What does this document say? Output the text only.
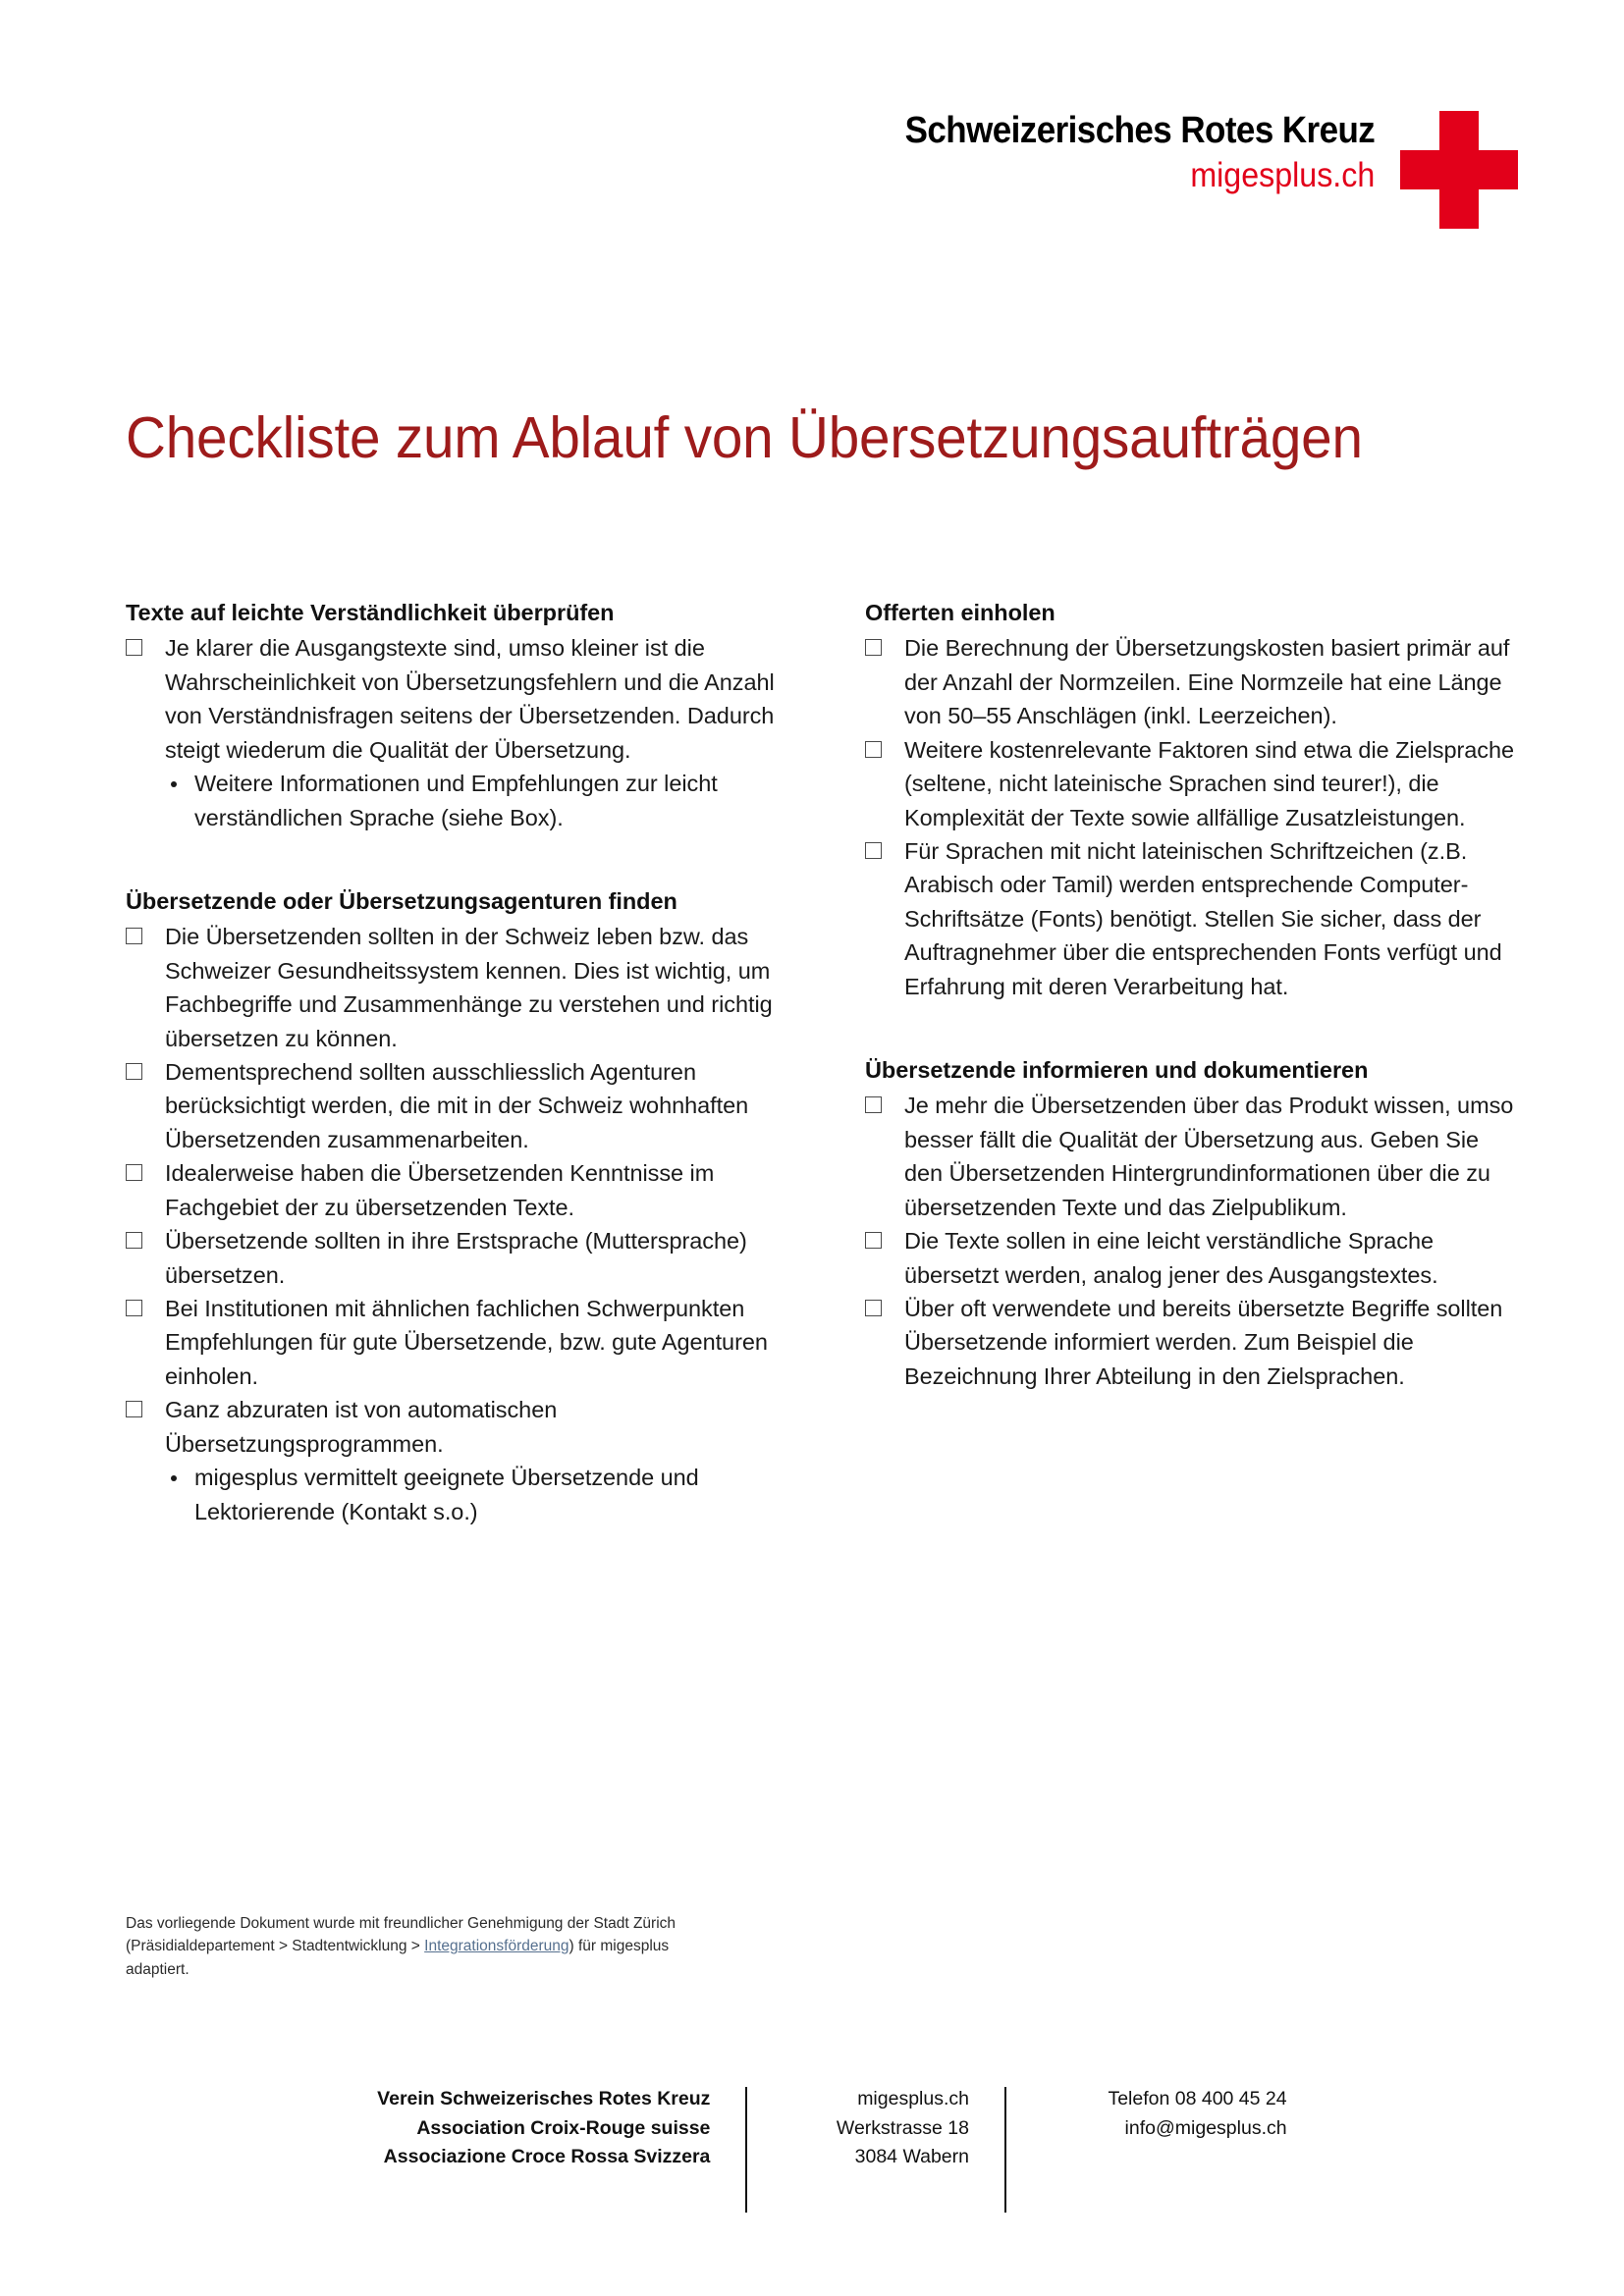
Schweizerisches Rotes Kreuz
migesplus.ch
Checkliste zum Ablauf von Übersetzungsaufträgen
Texte auf leichte Verständlichkeit überprüfen
Je klarer die Ausgangstexte sind, umso kleiner ist die Wahrscheinlichkeit von Übersetzungsfehlern und die Anzahl von Verständnisfragen seitens der Übersetzenden. Dadurch steigt wiederum die Qualität der Übersetzung.
Weitere Informationen und Empfehlungen zur leicht verständlichen Sprache (siehe Box).
Übersetzende oder Übersetzungsagenturen finden
Die Übersetzenden sollten in der Schweiz leben bzw. das Schweizer Gesundheitssystem kennen. Dies ist wichtig, um Fachbegriffe und Zusammenhänge zu verstehen und richtig übersetzen zu können.
Dementsprechend sollten ausschliesslich Agenturen berücksichtigt werden, die mit in der Schweiz wohnhaften Übersetzenden zusammenarbeiten.
Idealerweise haben die Übersetzenden Kenntnisse im Fachgebiet der zu übersetzenden Texte.
Übersetzende sollten in ihre Erstsprache (Muttersprache) übersetzen.
Bei Institutionen mit ähnlichen fachlichen Schwerpunkten Empfehlungen für gute Übersetzende, bzw. gute Agenturen einholen.
Ganz abzuraten ist von automatischen Übersetzungsprogrammen.
migesplus vermittelt geeignete Übersetzende und Lektorierende (Kontakt s.o.)
Offerten einholen
Die Berechnung der Übersetzungskosten basiert primär auf der Anzahl der Normzeilen. Eine Normzeile hat eine Länge von 50–55 Anschlägen (inkl. Leerzeichen).
Weitere kostenrelevante Faktoren sind etwa die Zielsprache (seltene, nicht lateinische Sprachen sind teurer!), die Komplexität der Texte sowie allfällige Zusatzleistungen.
Für Sprachen mit nicht lateinischen Schriftzeichen (z.B. Arabisch oder Tamil) werden entsprechende Computer-Schriftsätze (Fonts) benötigt. Stellen Sie sicher, dass der Auftragnehmer über die entsprechenden Fonts verfügt und Erfahrung mit deren Verarbeitung hat.
Übersetzende informieren und dokumentieren
Je mehr die Übersetzenden über das Produkt wissen, umso besser fällt die Qualität der Übersetzung aus. Geben Sie den Übersetzenden Hintergrundinformationen über die zu übersetzenden Texte und das Zielpublikum.
Die Texte sollen in eine leicht verständliche Sprache übersetzt werden, analog jener des Ausgangstextes.
Über oft verwendete und bereits übersetzte Begriffe sollten Übersetzende informiert werden. Zum Beispiel die Bezeichnung Ihrer Abteilung in den Zielsprachen.
Das vorliegende Dokument wurde mit freundlicher Genehmigung der Stadt Zürich (Präsidialdepartement > Stadtentwicklung > Integrationsförderung) für migesplus adaptiert.
Verein Schweizerisches Rotes Kreuz
Association Croix-Rouge suisse
Associazione Croce Rossa Svizzera
migesplus.ch
Werkstrasse 18
3084 Wabern
Telefon 08 400 45 24
info@migesplus.ch
